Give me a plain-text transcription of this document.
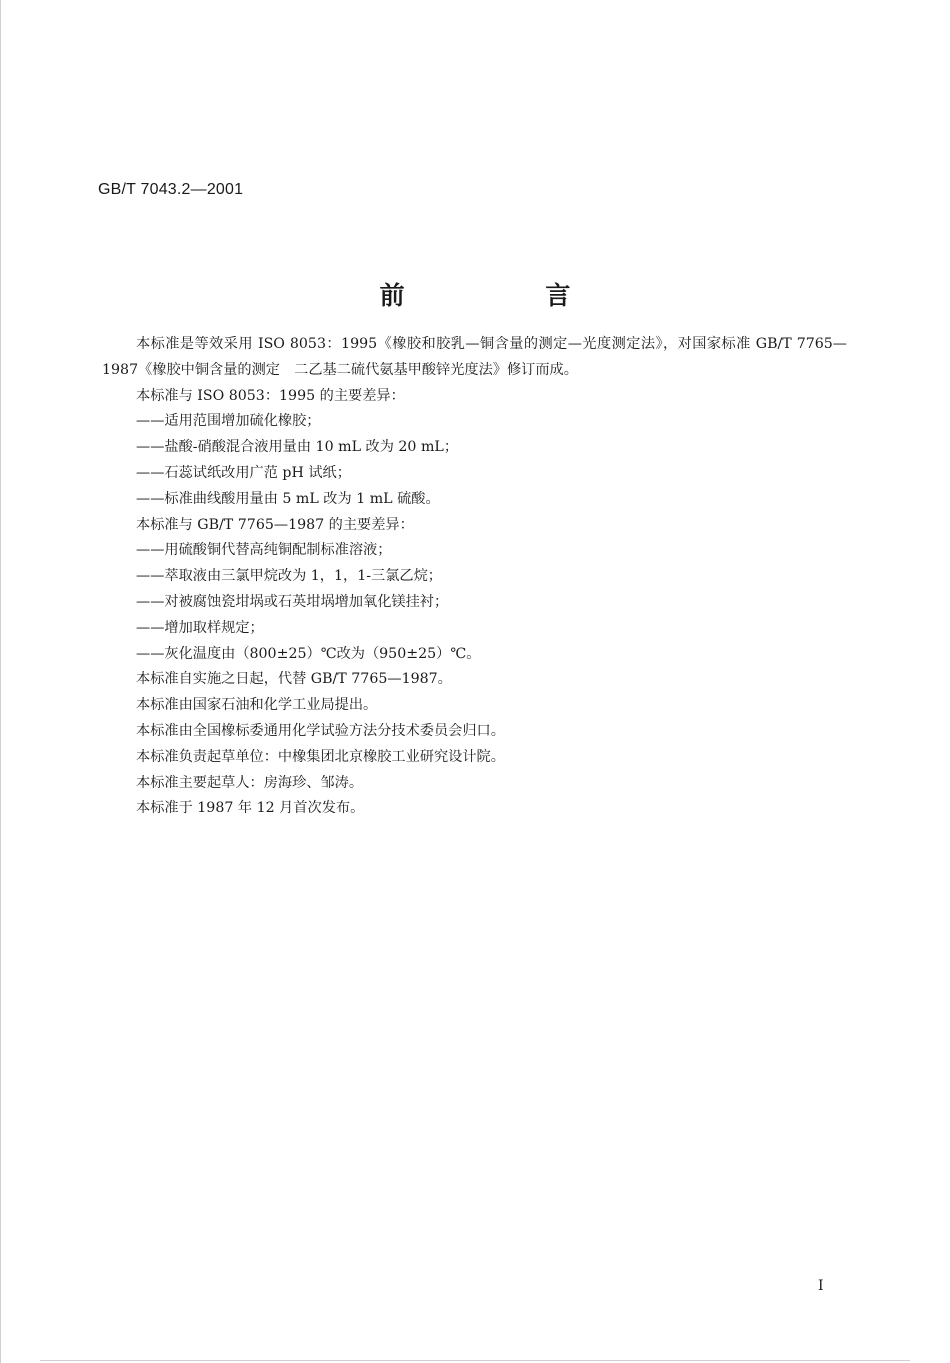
GB/T 7043.2—2001
前 言

本标准是等效采用 ISO 8053：1995《橡胶和胶乳—铜含量的测定—光度测定法》，对国家标准 GB/T 7765—1987《橡胶中铜含量的测定　二乙基二硫代氨基甲酸锌光度法》修订而成。

本标准与 ISO 8053：1995 的主要差异：

——适用范围增加硫化橡胶；

——盐酸-硝酸混合液用量由 10 mL 改为 20 mL；

——石蕊试纸改用广范 pH 试纸；

——标准曲线酸用量由 5 mL 改为 1 mL 硫酸。

本标准与 GB/T 7765—1987 的主要差异：

——用硫酸铜代替高纯铜配制标准溶液；

——萃取液由三氯甲烷改为 1，1，1-三氯乙烷；

——对被腐蚀瓷坩埚或石英坩埚增加氧化镁挂衬；

——增加取样规定；

——灰化温度由（800±25）℃改为（950±25）℃。

本标准自实施之日起，代替 GB/T 7765—1987。

本标准由国家石油和化学工业局提出。

本标准由全国橡标委通用化学试验方法分技术委员会归口。

本标准负责起草单位：中橡集团北京橡胶工业研究设计院。

本标准主要起草人：房海珍、邹涛。

本标准于 1987 年 12 月首次发布。

I
